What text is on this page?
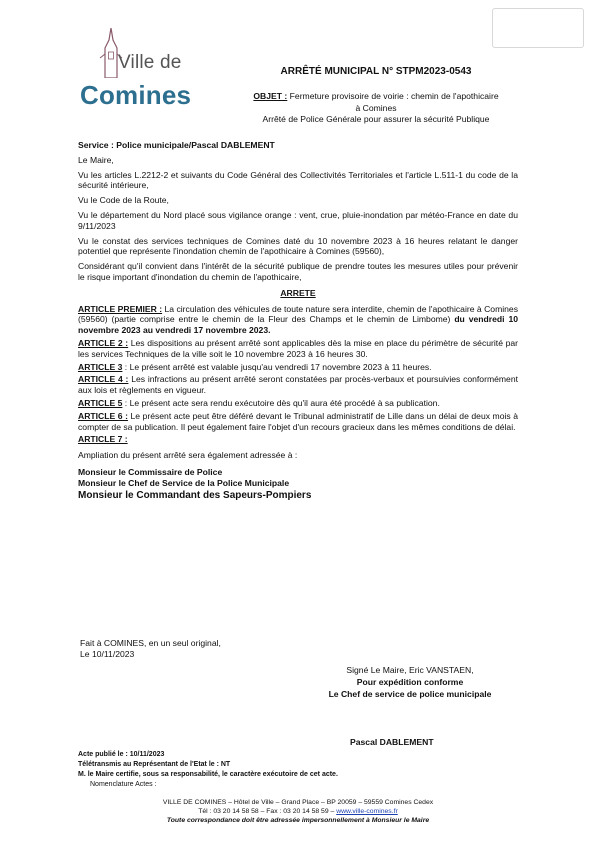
Ville de
Comines
ARRÊTÉ MUNICIPAL N° STPM2023-0543
OBJET : Fermeture provisoire de voirie : chemin de l'apothicaire
à Comines
Arrêté de Police Générale pour assurer la sécurité Publique

Service : Police municipale/Pascal DABLEMENT

Le Maire,

Vu les articles L.2212-2 et suivants du Code Général des Collectivités Territoriales et l'article L.511-1 du code de la sécurité intérieure,

Vu le Code de la Route,

Vu le département du Nord placé sous vigilance orange : vent, crue, pluie-inondation par météo-France en date du 9/11/2023

Vu le constat des services techniques de Comines daté du 10 novembre 2023 à 16 heures relatant le danger potentiel que représente l'inondation chemin de l'apothicaire à Comines (59560),

Considérant qu'il convient dans l'intérêt de la sécurité publique de prendre toutes les mesures utiles pour prévenir le risque important d'inondation du chemin de l'apothicaire,

ARRETE

ARTICLE PREMIER : La circulation des véhicules de toute nature sera interdite, chemin de l'apothicaire à Comines (59560) (partie comprise entre le chemin de la Fleur des Champs et le chemin de Limbome) du vendredi 10 novembre 2023 au vendredi 17 novembre 2023.

ARTICLE 2 : Les dispositions au présent arrêté sont applicables dès la mise en place du périmètre de sécurité par les services Techniques de la ville soit le 10 novembre 2023 à 16 heures 30.

ARTICLE 3 : Le présent arrêté est valable jusqu'au vendredi 17 novembre 2023 à 11 heures.

ARTICLE 4 : Les infractions au présent arrêté seront constatées par procès-verbaux et poursuivies conformément aux lois et règlements en vigueur.

ARTICLE 5 : Le présent acte sera rendu exécutoire dès qu'il aura été procédé à sa publication.

ARTICLE 6 : Le présent acte peut être déféré devant le Tribunal administratif de Lille dans un délai de deux mois à compter de sa publication. Il peut également faire l'objet d'un recours gracieux dans les mêmes conditions de délai.

ARTICLE 7 :

Ampliation du présent arrêté sera également adressée à :

Monsieur le Commissaire de Police

Monsieur le Chef de Service de la Police Municipale

Monsieur le Commandant des Sapeurs-Pompiers

Fait à COMINES, en un seul original,
Le 10/11/2023
Signé Le Maire, Eric VANSTAEN,
Pour expédition conforme
Le Chef de service de police municipale
Pascal DABLEMENT
Acte publié le : 10/11/2023
Télétransmis au Représentant de l'Etat le : NT
M. le Maire certifie, sous sa responsabilité, le caractère exécutoire de cet acte.
Nomenclature Actes :
VILLE DE COMINES – Hôtel de Ville – Grand Place – BP 20059 – 59559 Comines Cedex
Tél : 03 20 14 58 58 – Fax : 03 20 14 58 59 – www.ville-comines.fr
Toute correspondance doit être adressée impersonnellement à Monsieur le Maire
